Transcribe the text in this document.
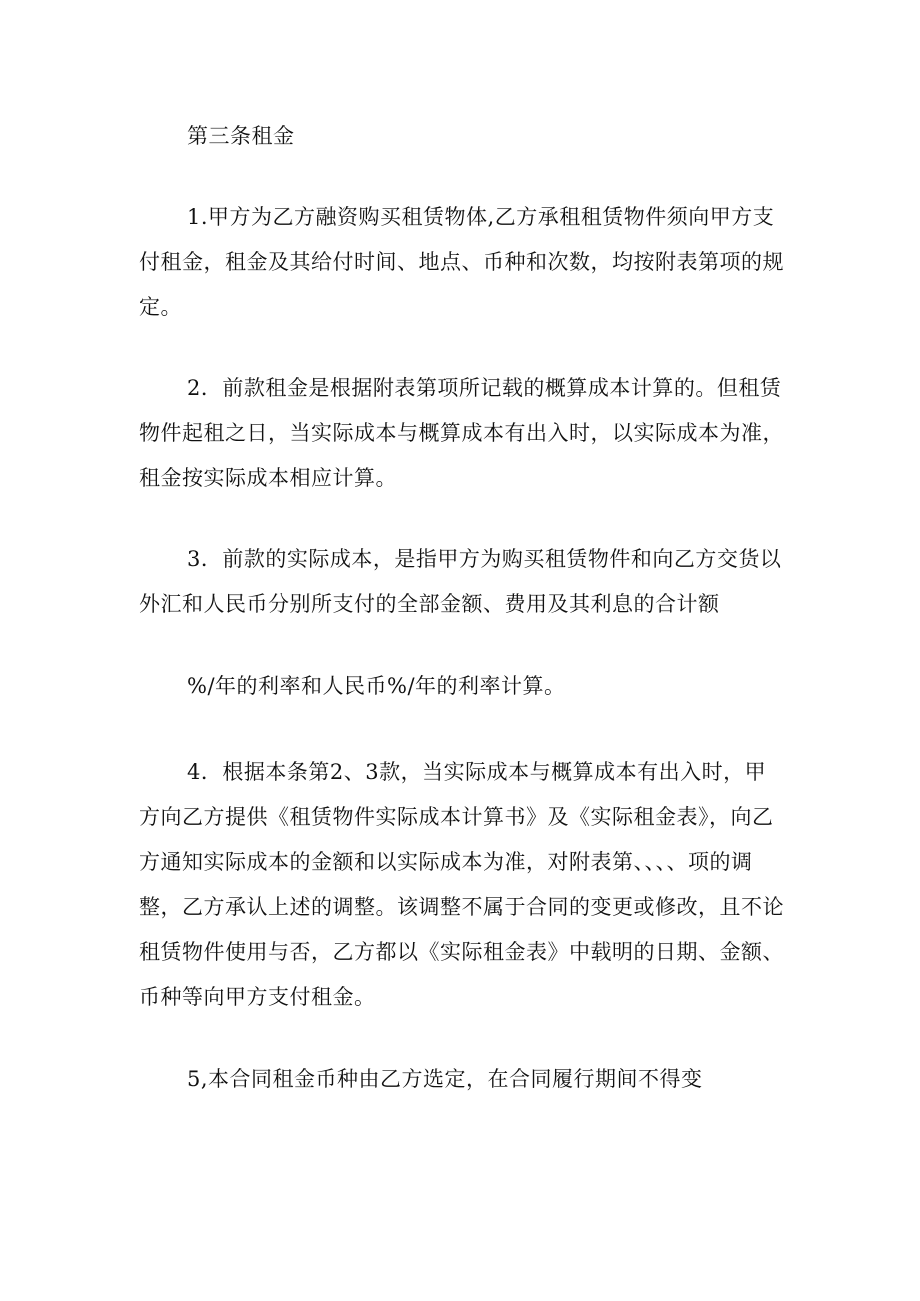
第三条租金
1.甲方为乙方融资购买租赁物体,乙方承租租赁物件须向甲方支
付租金，租金及其给付时间、地点、币种和次数，均按附表第项的规
定。
2．前款租金是根据附表第项所记载的概算成本计算的。但租赁
物件起租之日，当实际成本与概算成本有出入时，以实际成本为准，
租金按实际成本相应计算。
3．前款的实际成本，是指甲方为购买租赁物件和向乙方交货以
外汇和人民币分别所支付的全部金额、费用及其利息的合计额
%/年的利率和人民币%/年的利率计算。
4．根据本条第2、3款，当实际成本与概算成本有出入时，甲
方向乙方提供《租赁物件实际成本计算书》及《实际租金表》，向乙
方通知实际成本的金额和以实际成本为准，对附表第、、、、项的调
整，乙方承认上述的调整。该调整不属于合同的变更或修改，且不论
租赁物件使用与否，乙方都以《实际租金表》中载明的日期、金额、
币种等向甲方支付租金。
5,本合同租金币种由乙方选定，在合同履行期间不得变
